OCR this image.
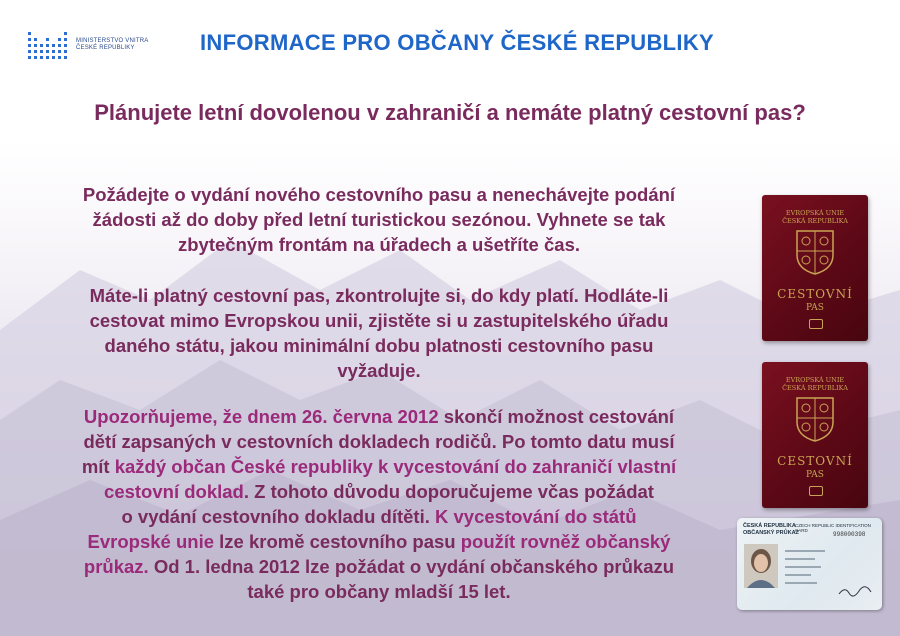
MINISTERSTVO VNITRA
ČESKÉ REPUBLIKY	INFORMACE PRO OBČANY ČESKÉ REPUBLIKY
Plánujete letní dovolenou v zahraničí a nemáte platný cestovní pas?
Požádejte o vydání nového cestovního pasu a nenechávejte podání
žádosti až do doby před letní turistickou sezónou. Vyhnete se tak
zbytečným frontám na úřadech a ušetříte čas.
Máte-li platný cestovní pas, zkontrolujte si, do kdy platí. Hodláte-li
cestovat mimo Evropskou unii, zjistěte si u zastupitelského úřadu
daného státu, jakou minimální dobu platnosti cestovního pasu
vyžaduje.
Upozorňujeme, že dnem 26. června 2012 skončí možnost cestování
dětí zapsaných v cestovních dokladech rodičů. Po tomto datu musí
mít každý občan České republiky k vycestování do zahraničí vlastní
cestovní doklad. Z tohoto důvodu doporučujeme včas požádat
o vydání cestovního dokladu dítěti. K vycestování do států
Evropské unie lze kromě cestovního pasu použít rovněž občanský
průkaz. Od 1. ledna 2012 lze požádat o vydání občanského průkazu
také pro občany mladší 15 let.
EVROPSKÁ UNIE
ČESKÁ REPUBLIKA
CESTOVNÍ
PAS
EVROPSKÁ UNIE
ČESKÁ REPUBLIKA
CESTOVNÍ
PAS
ČESKÁ REPUBLIKA
OBČANSKÝ PRŮKAZ
CZECH REPUBLIC IDENTIFICATION CARD
998000398
